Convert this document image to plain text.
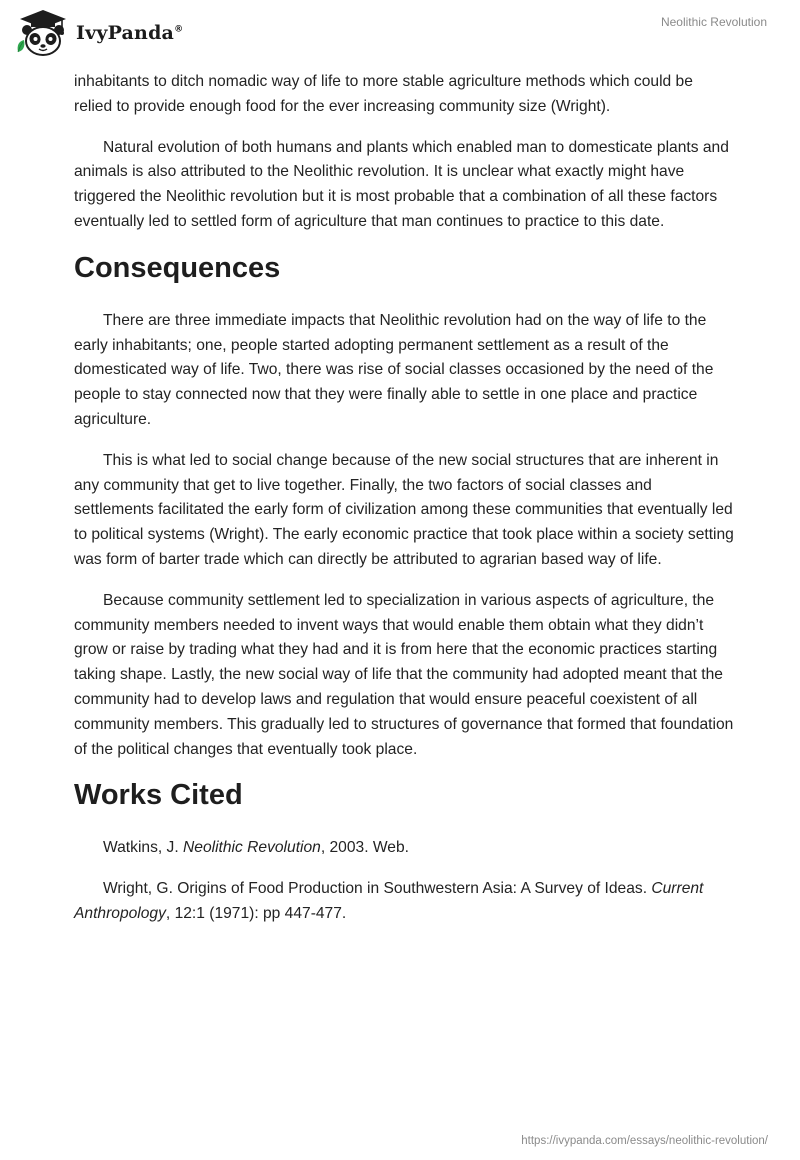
IvyPanda®
Neolithic Revolution

inhabitants to ditch nomadic way of life to more stable agriculture methods which could be relied to provide enough food for the ever increasing community size (Wright).

Natural evolution of both humans and plants which enabled man to domesticate plants and animals is also attributed to the Neolithic revolution. It is unclear what exactly might have triggered the Neolithic revolution but it is most probable that a combination of all these factors eventually led to settled form of agriculture that man continues to practice to this date.

Consequences

There are three immediate impacts that Neolithic revolution had on the way of life to the early inhabitants; one, people started adopting permanent settlement as a result of the domesticated way of life. Two, there was rise of social classes occasioned by the need of the people to stay connected now that they were finally able to settle in one place and practice agriculture.

This is what led to social change because of the new social structures that are inherent in any community that get to live together. Finally, the two factors of social classes and settlements facilitated the early form of civilization among these communities that eventually led to political systems (Wright). The early economic practice that took place within a society setting was form of barter trade which can directly be attributed to agrarian based way of life.

Because community settlement led to specialization in various aspects of agriculture, the community members needed to invent ways that would enable them obtain what they didn’t grow or raise by trading what they had and it is from here that the economic practices starting taking shape. Lastly, the new social way of life that the community had adopted meant that the community had to develop laws and regulation that would ensure peaceful coexistent of all community members. This gradually led to structures of governance that formed that foundation of the political changes that eventually took place.

Works Cited

Watkins, J. Neolithic Revolution, 2003. Web.

Wright, G. Origins of Food Production in Southwestern Asia: A Survey of Ideas. Current Anthropology, 12:1 (1971): pp 447-477.

https://ivypanda.com/essays/neolithic-revolution/
